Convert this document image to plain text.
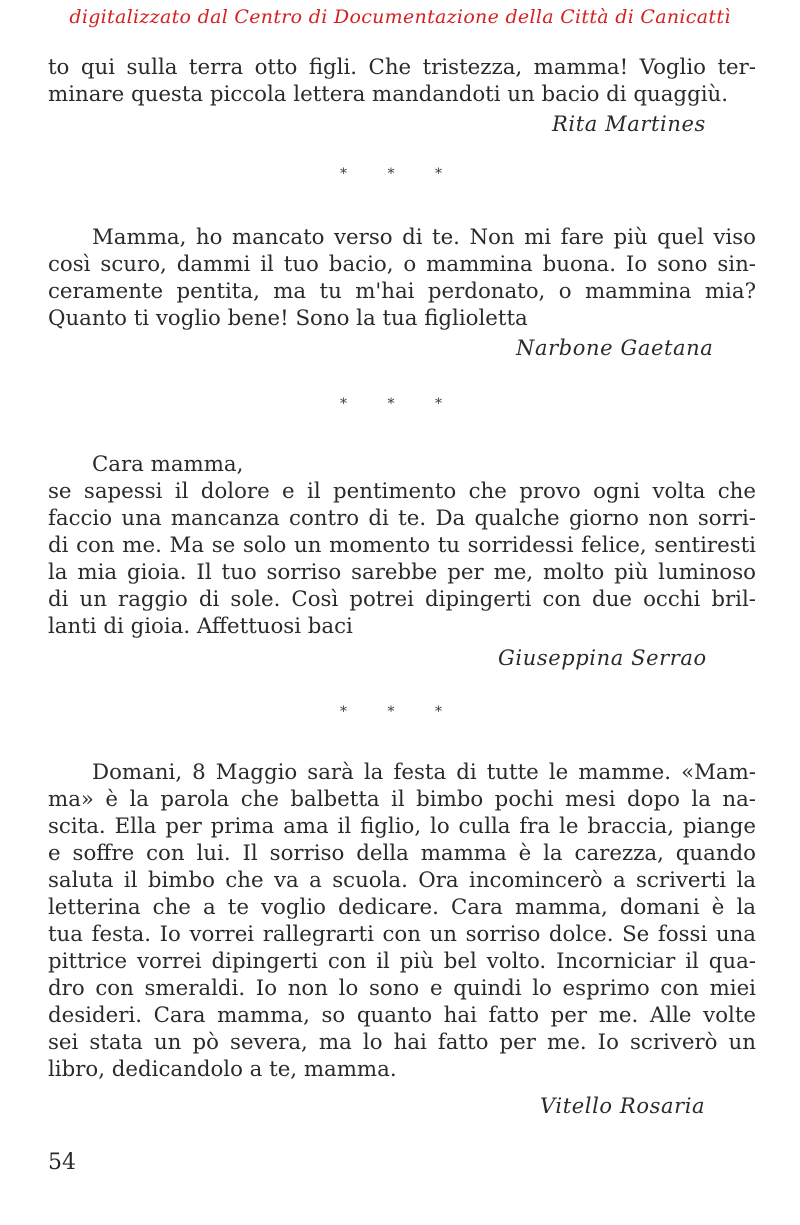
digitalizzato dal Centro di Documentazione della Città di Canicattì
to qui sulla terra otto figli. Che tristezza, mamma! Voglio ter-
minare questa piccola lettera mandandoti un bacio di quaggiù.
Rita Martines
* * *
Mamma, ho mancato verso di te. Non mi fare più quel viso
così scuro, dammi il tuo bacio, o mammina buona. Io sono sin-
ceramente pentita, ma tu m'hai perdonato, o mammina mia?
Quanto ti voglio bene! Sono la tua figlioletta
Narbone Gaetana
* * *
Cara mamma,
se sapessi il dolore e il pentimento che provo ogni volta che
faccio una mancanza contro di te. Da qualche giorno non sorri-
di con me. Ma se solo un momento tu sorridessi felice, sentiresti
la mia gioia. Il tuo sorriso sarebbe per me, molto più luminoso
di un raggio di sole. Così potrei dipingerti con due occhi bril-
lanti di gioia. Affettuosi baci
Giuseppina Serrao
* * *
Domani, 8 Maggio sarà la festa di tutte le mamme. «Mam-
ma» è la parola che balbetta il bimbo pochi mesi dopo la na-
scita. Ella per prima ama il figlio, lo culla fra le braccia, piange
e soffre con lui. Il sorriso della mamma è la carezza, quando
saluta il bimbo che va a scuola. Ora incomincerò a scriverti la
letterina che a te voglio dedicare. Cara mamma, domani è la
tua festa. Io vorrei rallegrarti con un sorriso dolce. Se fossi una
pittrice vorrei dipingerti con il più bel volto. Incorniciar il qua-
dro con smeraldi. Io non lo sono e quindi lo esprimo con miei
desideri. Cara mamma, so quanto hai fatto per me. Alle volte
sei stata un pò severa, ma lo hai fatto per me. Io scriverò un
libro, dedicandolo a te, mamma.
Vitello Rosaria
54
